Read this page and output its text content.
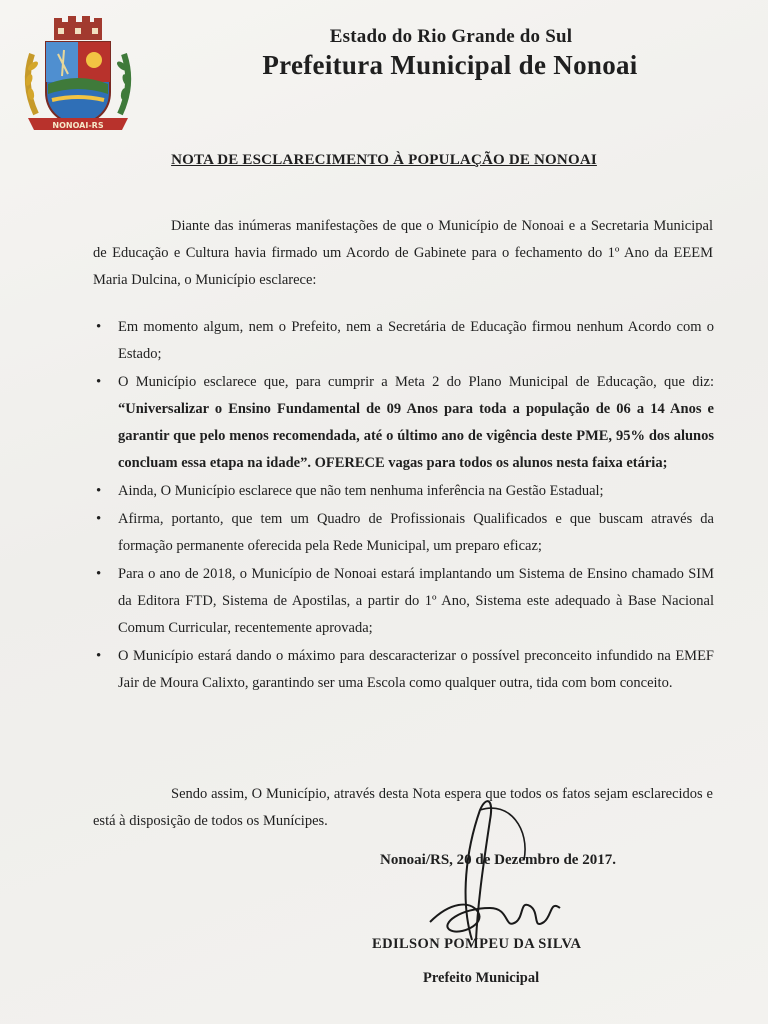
NONOAI-RS
Estado do Rio Grande do Sul
Prefeitura Municipal de Nonoai
NOTA DE ESCLARECIMENTO À POPULAÇÃO DE NONOAI
Diante das inúmeras manifestações de que o Município de Nonoai e a Secretaria Municipal de Educação e Cultura havia firmado um Acordo de Gabinete para o fechamento do 1º Ano da EEEM Maria Dulcina, o Município esclarece:
• Em momento algum, nem o Prefeito, nem a Secretária de Educação firmou nenhum Acordo com o Estado;
• O Município esclarece que, para cumprir a Meta 2 do Plano Municipal de Educação, que diz: “Universalizar o Ensino Fundamental de 09 Anos para toda a população de 06 a 14 Anos e garantir que pelo menos recomendada, até o último ano de vigência deste PME, 95% dos alunos concluam essa etapa na idade”. OFERECE vagas para todos os alunos nesta faixa etária;
• Ainda, O Município esclarece que não tem nenhuma inferência na Gestão Estadual;
• Afirma, portanto, que tem um Quadro de Profissionais Qualificados e que buscam através da formação permanente oferecida pela Rede Municipal, um preparo eficaz;
• Para o ano de 2018, o Município de Nonoai estará implantando um Sistema de Ensino chamado SIM da Editora FTD, Sistema de Apostilas, a partir do 1º Ano, Sistema este adequado à Base Nacional Comum Curricular, recentemente aprovada;
• O Município estará dando o máximo para descaracterizar o possível preconceito infundido na EMEF Jair de Moura Calixto, garantindo ser uma Escola como qualquer outra, tida com bom conceito.
Sendo assim, O Município, através desta Nota espera que todos os fatos sejam esclarecidos e está à disposição de todos os Munícipes.
Nonoai/RS, 20 de Dezembro de 2017.
EDILSON POMPEU DA SILVA
Prefeito Municipal
